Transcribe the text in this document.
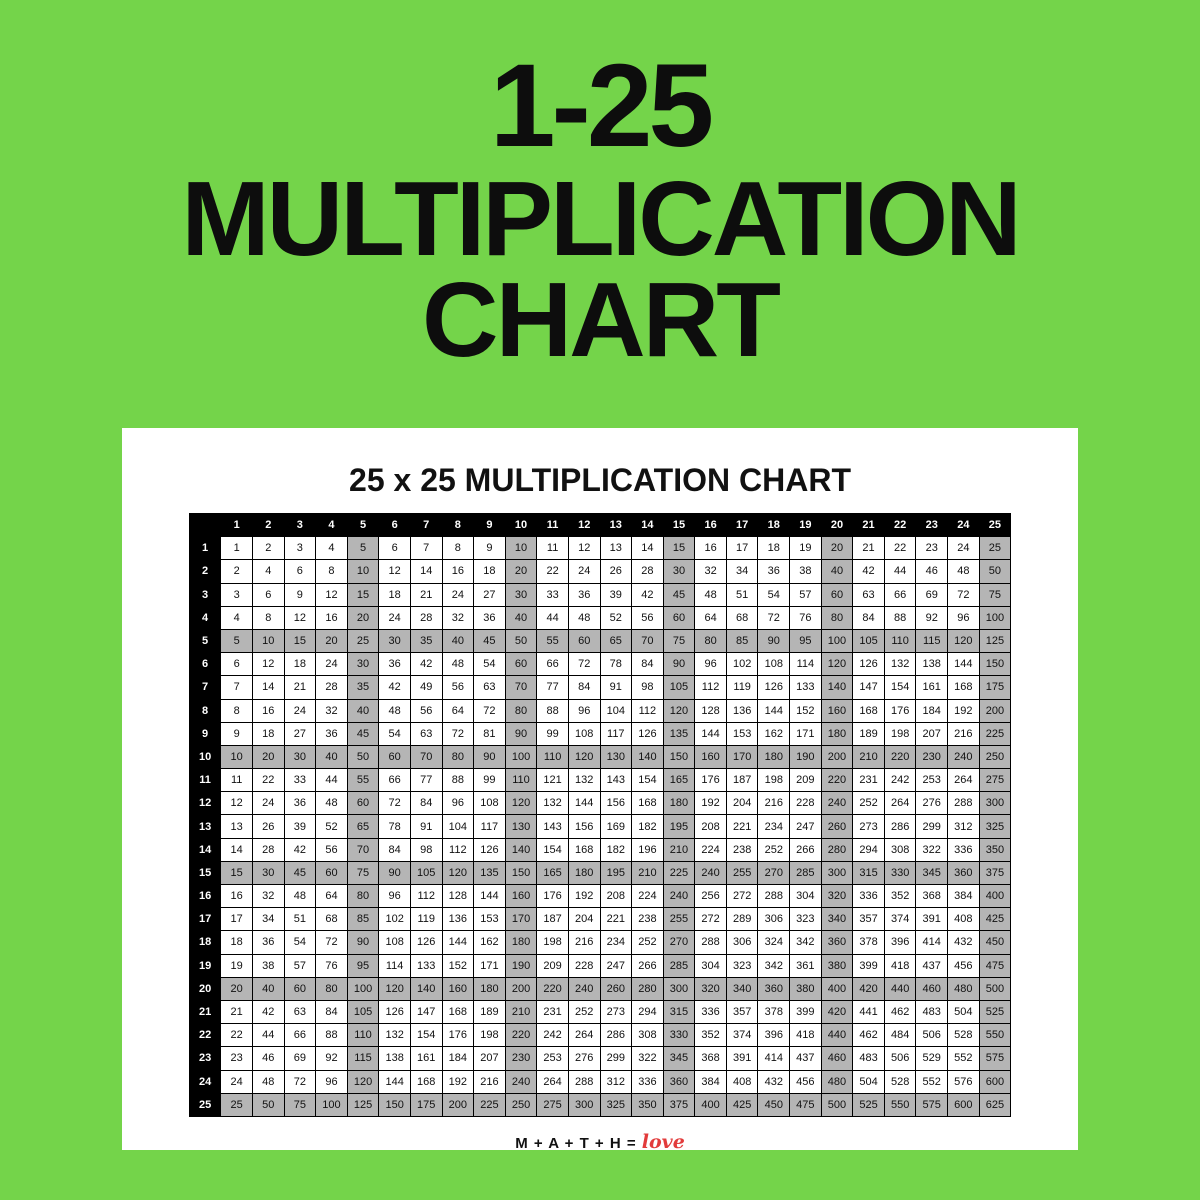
1-25
MULTIPLICATION
CHART
25 x 25 MULTIPLICATION CHART
	1	2	3	4	5	6	7	8	9	10	11	12	13	14	15	16	17	18	19	20	21	22	23	24	25
1	1	2	3	4	5	6	7	8	9	10	11	12	13	14	15	16	17	18	19	20	21	22	23	24	25
2	2	4	6	8	10	12	14	16	18	20	22	24	26	28	30	32	34	36	38	40	42	44	46	48	50
3	3	6	9	12	15	18	21	24	27	30	33	36	39	42	45	48	51	54	57	60	63	66	69	72	75
4	4	8	12	16	20	24	28	32	36	40	44	48	52	56	60	64	68	72	76	80	84	88	92	96	100
5	5	10	15	20	25	30	35	40	45	50	55	60	65	70	75	80	85	90	95	100	105	110	115	120	125
6	6	12	18	24	30	36	42	48	54	60	66	72	78	84	90	96	102	108	114	120	126	132	138	144	150
7	7	14	21	28	35	42	49	56	63	70	77	84	91	98	105	112	119	126	133	140	147	154	161	168	175
8	8	16	24	32	40	48	56	64	72	80	88	96	104	112	120	128	136	144	152	160	168	176	184	192	200
9	9	18	27	36	45	54	63	72	81	90	99	108	117	126	135	144	153	162	171	180	189	198	207	216	225
10	10	20	30	40	50	60	70	80	90	100	110	120	130	140	150	160	170	180	190	200	210	220	230	240	250
11	11	22	33	44	55	66	77	88	99	110	121	132	143	154	165	176	187	198	209	220	231	242	253	264	275
12	12	24	36	48	60	72	84	96	108	120	132	144	156	168	180	192	204	216	228	240	252	264	276	288	300
13	13	26	39	52	65	78	91	104	117	130	143	156	169	182	195	208	221	234	247	260	273	286	299	312	325
14	14	28	42	56	70	84	98	112	126	140	154	168	182	196	210	224	238	252	266	280	294	308	322	336	350
15	15	30	45	60	75	90	105	120	135	150	165	180	195	210	225	240	255	270	285	300	315	330	345	360	375
16	16	32	48	64	80	96	112	128	144	160	176	192	208	224	240	256	272	288	304	320	336	352	368	384	400
17	17	34	51	68	85	102	119	136	153	170	187	204	221	238	255	272	289	306	323	340	357	374	391	408	425
18	18	36	54	72	90	108	126	144	162	180	198	216	234	252	270	288	306	324	342	360	378	396	414	432	450
19	19	38	57	76	95	114	133	152	171	190	209	228	247	266	285	304	323	342	361	380	399	418	437	456	475
20	20	40	60	80	100	120	140	160	180	200	220	240	260	280	300	320	340	360	380	400	420	440	460	480	500
21	21	42	63	84	105	126	147	168	189	210	231	252	273	294	315	336	357	378	399	420	441	462	483	504	525
22	22	44	66	88	110	132	154	176	198	220	242	264	286	308	330	352	374	396	418	440	462	484	506	528	550
23	23	46	69	92	115	138	161	184	207	230	253	276	299	322	345	368	391	414	437	460	483	506	529	552	575
24	24	48	72	96	120	144	168	192	216	240	264	288	312	336	360	384	408	432	456	480	504	528	552	576	600
25	25	50	75	100	125	150	175	200	225	250	275	300	325	350	375	400	425	450	475	500	525	550	575	600	625
M + A + T + H = love
